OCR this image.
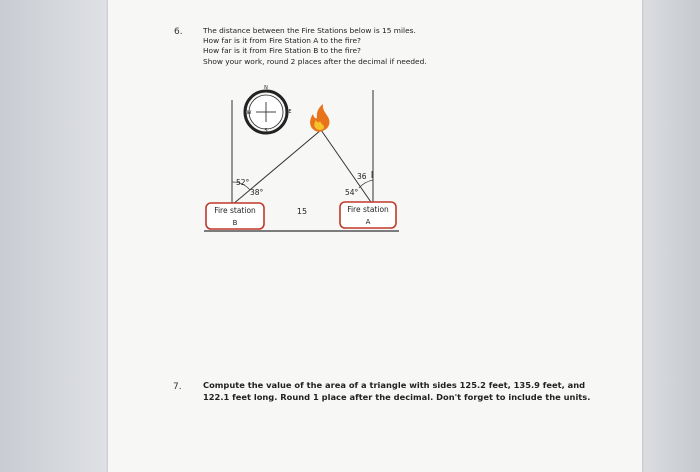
6.	The distance between the Fire Stations below is 15 miles.
How far is it from Fire Station A to the fire?
How far is it from Fire Station B to the fire?
Show your work, round 2 places after the decimal if needed.
N
S
E
W
52°
38°
36
54°
15
Fire station
B
Fire station
A
7.	Compute the value of the area of a triangle with sides 125.2 feet, 135.9 feet, and 122.1 feet long. Round 1 place after the decimal. Don't forget to include the units.
